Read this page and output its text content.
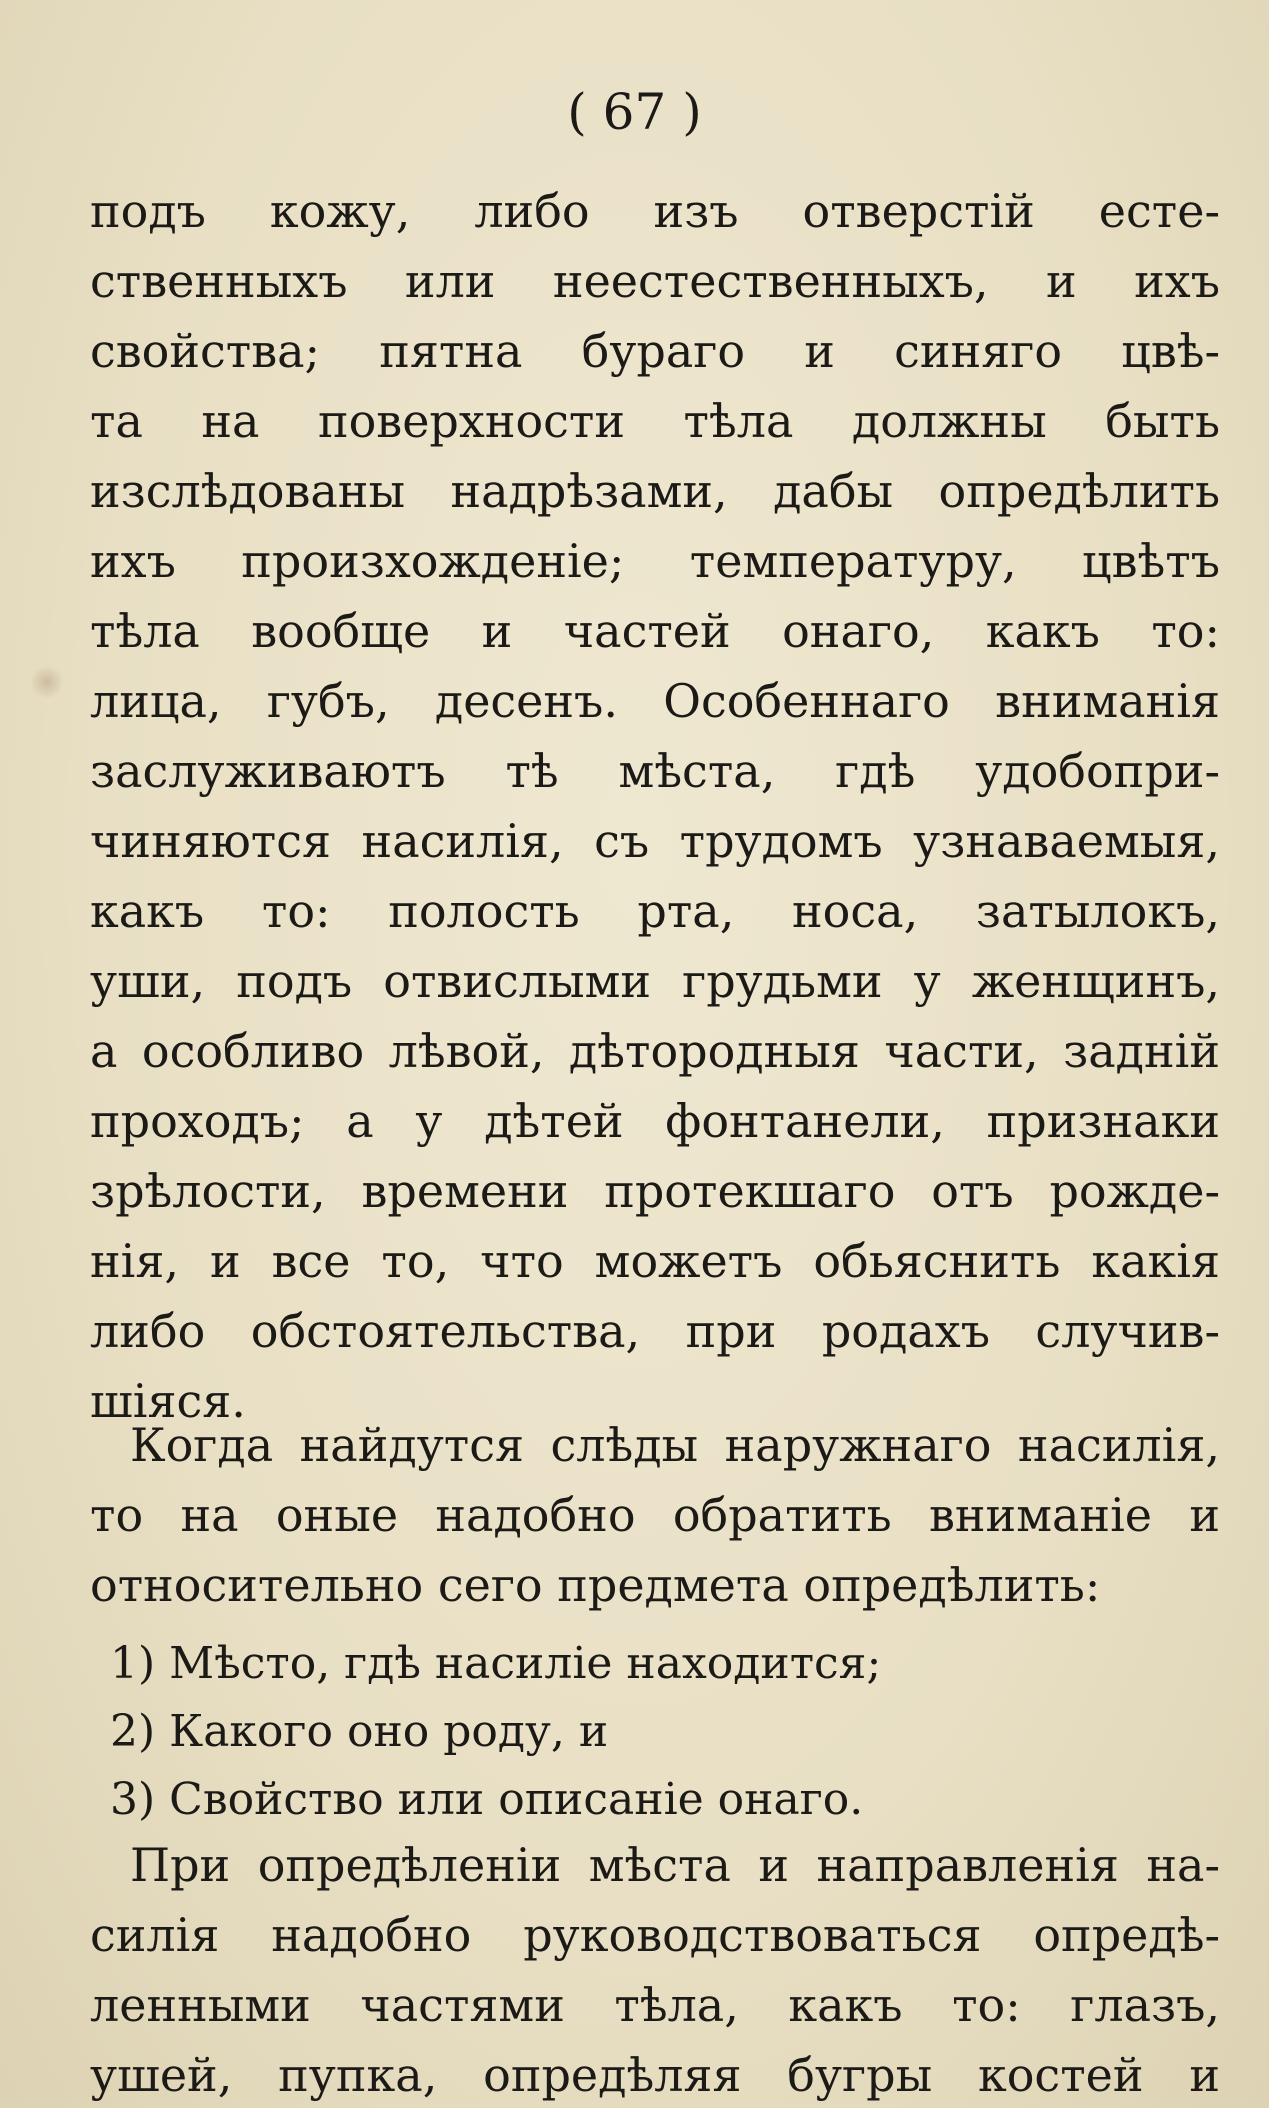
( 67 )
подъ кожу, либо изъ отверстій есте-
ственныхъ или неестественныхъ, и ихъ
свойства; пятна бураго и синяго цвѣ-
та на поверхности тѣла должны быть
изслѣдованы надрѣзами, дабы опредѣлить
ихъ произхожденіе; температуру, цвѣтъ
тѣла вообще и частей онаго, какъ то:
лица, губъ, десенъ. Особеннаго вниманія
заслуживаютъ тѣ мѣста, гдѣ удобопри-
чиняются насилія, съ трудомъ узнаваемыя,
какъ то: полость рта, носа, затылокъ,
уши, подъ отвислыми грудьми у женщинъ,
а особливо лѣвой, дѣтородныя части, задній
проходъ; а у дѣтей фонтанели, признаки
зрѣлости, времени протекшаго отъ рожде-
нія, и все то, что можетъ обьяснить какія
либо обстоятельства, при родахъ случив-
шіяся.
Когда найдутся слѣды наружнаго насилія,
то на оные надобно обратить вниманіе и
относительно сего предмета опредѣлить:
1) Мѣсто, гдѣ насиліе находится;
2) Какого оно роду, и
3) Свойство или описаніе онаго.
При опредѣленіи мѣста и направленія на-
силія надобно руководствоваться опредѣ-
ленными частями тѣла, какъ то: глазъ,
ушей, пупка, опредѣляя бугры костей и
